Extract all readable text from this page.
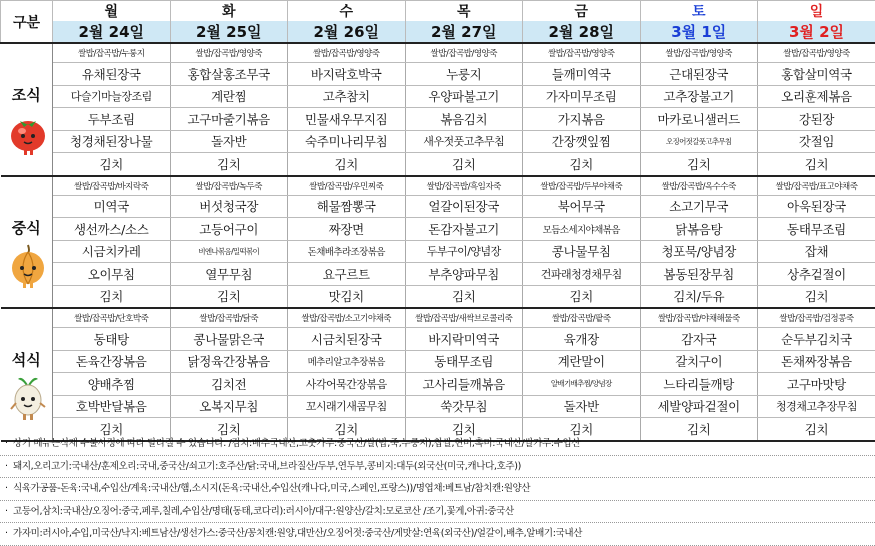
구분	월	화	수	목	금	토	일
	2월 24일	2월 25일	2월 26일	2월 27일	2월 28일	3월 1일	3월 2일

조식	쌀밥/잡곡밥/누룽지	쌀밥/잡곡밥/영양죽	쌀밥/잡곡밥/영양죽	쌀밥/잡곡밥/영양죽	쌀밥/잡곡밥/영양죽	쌀밥/잡곡밥/영양죽	쌀밥/잡곡밥/영양죽
	유채된장국	홍합살홍조무국	바지락호박국	누룽지	들깨미역국	근대된장국	홍합살미역국
	다슬기마늘장조림	계란찜	고추참치	우양파불고기	가자미무조림	고추장불고기	오리훈제볶음
	두부조림	고구마줄기볶음	민물새우무지짐	볶음김치	가지볶음	마카로니샐러드	강된장
	청경채된장나물	돌자반	숙주미나리무침	새우젓풋고추무침	간장깻잎찜	오징어젓갈풋고추무침	갓절임
	김치	김치	김치	김치	김치	김치	김치

중식	쌀밥/잡곡밥/바지락죽	쌀밥/잡곡밥/녹두죽	쌀밥/잡곡밥/우민찌죽	쌀밥/잡곡밥/흑임자죽	쌀밥/잡곡밥/두부야채죽	쌀밥/잡곡밥/옥수수죽	쌀밥/잡곡밥/표고야채죽
	미역국	버섯청국장	해물짬뽕국	얼갈이된장국	북어무국	소고기무국	아욱된장국
	생선까스/소스	고등어구이	짜장면	돈감자불고기	모듬소세지야채볶음	닭볶음탕	동태무조림
	시금치카레	비엔나볶음/밀떡볶이	돈채배추라조장볶음	두부구이/양념장	콩나물무침	청포묵/양념장	잡채
	오이무침	열무무침	요구르트	부추양파무침	건파래청경채무침	봄동된장무침	상추겉절이
	김치	김치	맛김치	김치	김치	김치/두유	김치

석식	쌀밥/잡곡밥/단호박죽	쌀밥/잡곡밥/닭죽	쌀밥/잡곡밥/소고기야채죽	쌀밥/잡곡밥/새싹브로콜리죽	쌀밥/잡곡밥/팥죽	쌀밥/잡곡밥/야채해물죽	쌀밥/잡곡밥/검정콩죽
	동태탕	콩나물맑은국	시금치된장국	바지락미역국	육개장	감자국	순두부김치국
	돈육간장볶음	닭정육간장볶음	메추리알고추장볶음	동태무조림	계란말이	갈치구이	돈채짜장볶음
	양배추찜	김치전	사각어묵간장볶음	고사리들깨볶음	알배기배추찜/양념장	느타리들깨탕	고구마맛탕
	호박반달볶음	오복지무침	꼬시래기새콤무침	쑥갓무침	돌자반	세발양파겉절이	청경채고추장무침
	김치	김치	김치	김치	김치	김치	김치
· 상기 메뉴는식재 수불사정에 따라 달라질 수 있습니다. /김치:배추국내산,고춧가루:중국산/쌀(밥,죽,누룽지),찹쌀,현미,흑미:국내산/쌀가루:수입산
· 돼지,오리고기:국내산/훈제오리:국내,중국산/쇠고기:호주산/닭:국내,브라질산/두부,연두부,콩비지:대두(외국산(미국,캐나다,호주))
· 식육가공품-돈육:국내,수입산/계육:국내산/햄,소시지(돈육:국내산,수입산(캐나다,미국,스페인,프랑스))/명엽채:베트남/참치캔:원양산
· 고등어,삼치:국내산/오징어:중국,페루,칠레,수입산/명태(동태,코다리):러시아/대구:원양산/갈치:모로코산 /조기,꽃게,아귀:중국산
· 가자미:러시아,수입,미국산/낙지:베트남산/생선가스:중국산/꽁치캔:원양,대만산/오징어젓:중국산/게맛살:연육(외국산)/얼갈이,배추,알배기:국내산
